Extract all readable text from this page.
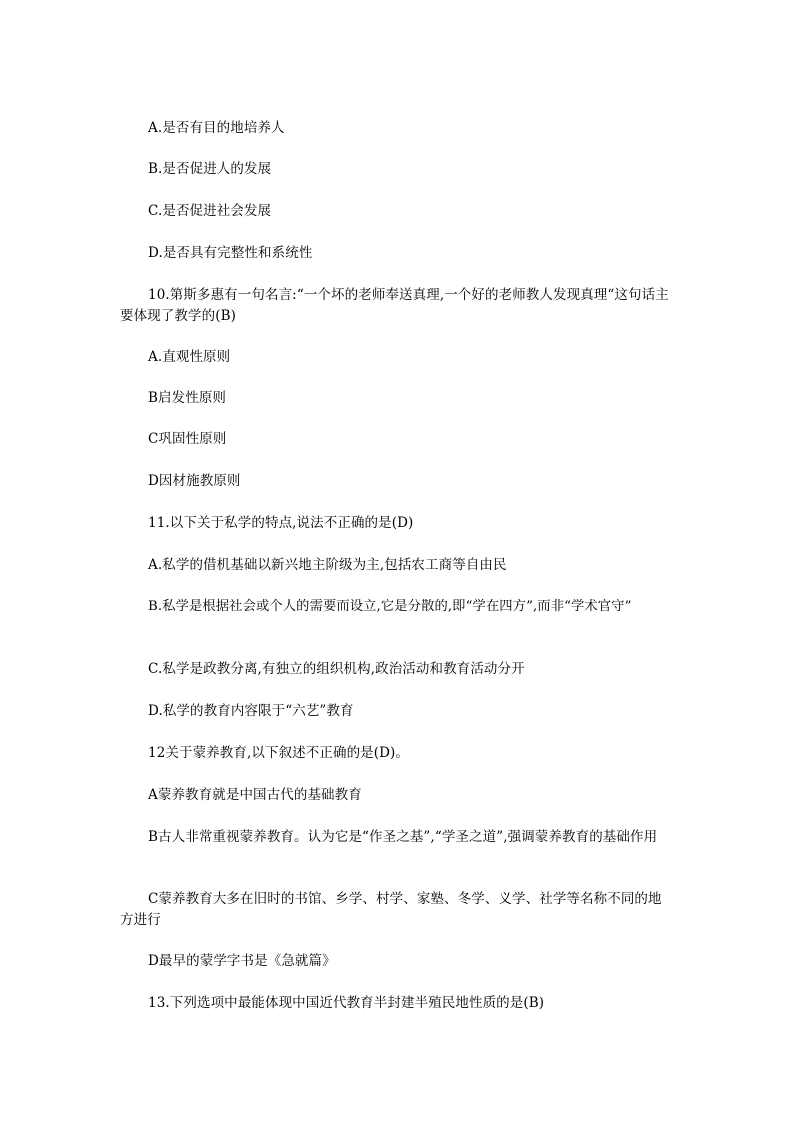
A.是否有目的地培养人
B.是否促进人的发展
C.是否促进社会发展
D.是否具有完整性和系统性
10.第斯多惠有一句名言:“一个坏的老师奉送真理,一个好的老师教人发现真理“这句话主要体现了教学的(B)
A.直观性原则
B启发性原则
C巩固性原则
D因材施教原则
11.以下关于私学的特点,说法不正确的是(D)
A.私学的借机基础以新兴地主阶级为主,包括农工商等自由民
B.私学是根据社会或个人的需要而设立,它是分散的,即“学在四方”,而非“学术官守”
C.私学是政教分离,有独立的组织机构,政治活动和教育活动分开
D.私学的教育内容限于“六艺”教育
12关于蒙养教育,以下叙述不正确的是(D)。
A蒙养教育就是中国古代的基础教育
B古人非常重视蒙养教育。认为它是“作圣之基”,“学圣之道”,强调蒙养教育的基础作用
C蒙养教育大多在旧时的书馆、乡学、村学、家塾、冬学、义学、社学等名称不同的地方进行
D最早的蒙学字书是《急就篇》
13.下列选项中最能体现中国近代教育半封建半殖民地性质的是(B)
